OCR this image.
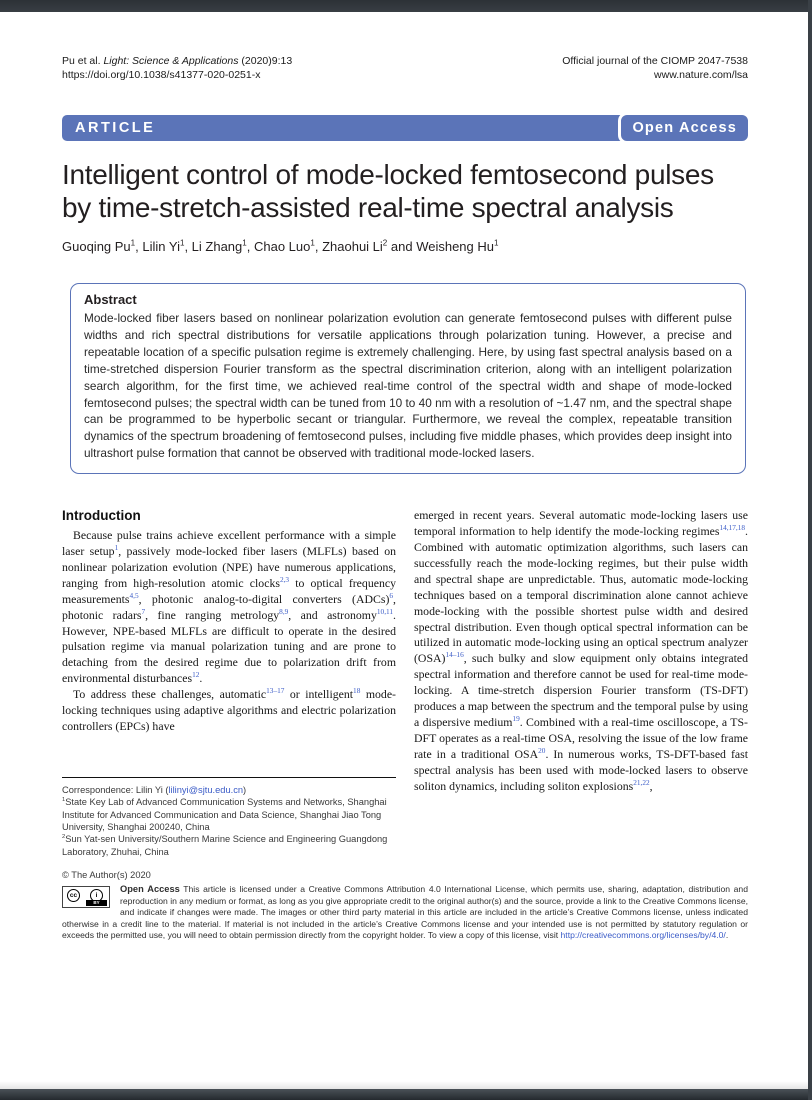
Pu et al. Light: Science & Applications (2020)9:13
https://doi.org/10.1038/s41377-020-0251-x
Official journal of the CIOMP 2047-7538
www.nature.com/lsa
ARTICLE	Open Access
Intelligent control of mode-locked femtosecond pulses by time-stretch-assisted real-time spectral analysis
Guoqing Pu$^1$, Lilin Yi$^1$, Li Zhang$^1$, Chao Luo$^1$, Zhaohui Li$^2$ and Weisheng Hu$^1$
Abstract
Mode-locked fiber lasers based on nonlinear polarization evolution can generate femtosecond pulses with different pulse widths and rich spectral distributions for versatile applications through polarization tuning. However, a precise and repeatable location of a specific pulsation regime is extremely challenging. Here, by using fast spectral analysis based on a time-stretched dispersion Fourier transform as the spectral discrimination criterion, along with an intelligent polarization search algorithm, for the first time, we achieved real-time control of the spectral width and shape of mode-locked femtosecond pulses; the spectral width can be tuned from 10 to 40 nm with a resolution of ~1.47 nm, and the spectral shape can be programmed to be hyperbolic secant or triangular. Furthermore, we reveal the complex, repeatable transition dynamics of the spectrum broadening of femtosecond pulses, including five middle phases, which provides deep insight into ultrashort pulse formation that cannot be observed with traditional mode-locked lasers.
Introduction

Because pulse trains achieve excellent performance with a simple laser setup$^1$, passively mode-locked fiber lasers (MLFLs) based on nonlinear polarization evolution (NPE) have numerous applications, ranging from high-resolution atomic clocks$^{2,3}$ to optical frequency measurements$^{4,5}$, photonic analog-to-digital converters (ADCs)$^6$, photonic radars$^7$, fine ranging metrology$^{8,9}$, and astronomy$^{10,11}$. However, NPE-based MLFLs are difficult to operate in the desired pulsation regime via manual polarization tuning and are prone to detaching from the desired regime due to polarization drift from environmental disturbances$^{12}$.

To address these challenges, automatic$^{13-17}$ or intelligent$^{18}$ mode-locking techniques using adaptive algorithms and electric polarization controllers (EPCs) have

Correspondence: Lilin Yi (lilinyi@sjtu.edu.cn)

$^1$State Key Lab of Advanced Communication Systems and Networks, Shanghai Institute for Advanced Communication and Data Science, Shanghai Jiao Tong University, Shanghai 200240, China

$^2$Sun Yat-sen University/Southern Marine Science and Engineering Guangdong Laboratory, Zhuhai, China

emerged in recent years. Several automatic mode-locking lasers use temporal information to help identify the mode-locking regimes$^{14,17,18}$. Combined with automatic optimization algorithms, such lasers can successfully reach the mode-locking regimes, but their pulse width and spectral shape are unpredictable. Thus, automatic mode-locking techniques based on a temporal discrimination alone cannot achieve mode-locking with the possible shortest pulse width and desired spectral distribution. Even though optical spectral information can be utilized in automatic mode-locking using an optical spectrum analyzer (OSA)$^{14-16}$, such bulky and slow equipment only obtains integrated spectral information and therefore cannot be used for real-time mode-locking. A time-stretch dispersion Fourier transform (TS-DFT) produces a map between the spectrum and the temporal pulse by using a dispersive medium$^{19}$. Combined with a real-time oscilloscope, a TS-DFT operates as a real-time OSA, resolving the issue of the low frame rate in a traditional OSA$^{20}$. In numerous works, TS-DFT-based fast spectral analysis has been used with mode-locked lasers to observe soliton dynamics, including soliton explosions$^{21,22}$,

© The Author(s) 2020
cc	i
BY
Open Access This article is licensed under a Creative Commons Attribution 4.0 International License, which permits use, sharing, adaptation, distribution and reproduction in any medium or format, as long as you give appropriate credit to the original author(s) and the source, provide a link to the Creative Commons license, and indicate if changes were made. The images or other third party material in this article are included in the article’s Creative Commons license, unless indicated otherwise in a credit line to the material. If material is not included in the article’s Creative Commons license and your intended use is not permitted by statutory regulation or exceeds the permitted use, you will need to obtain permission directly from the copyright holder. To view a copy of this license, visit http://creativecommons.org/licenses/by/4.0/.
